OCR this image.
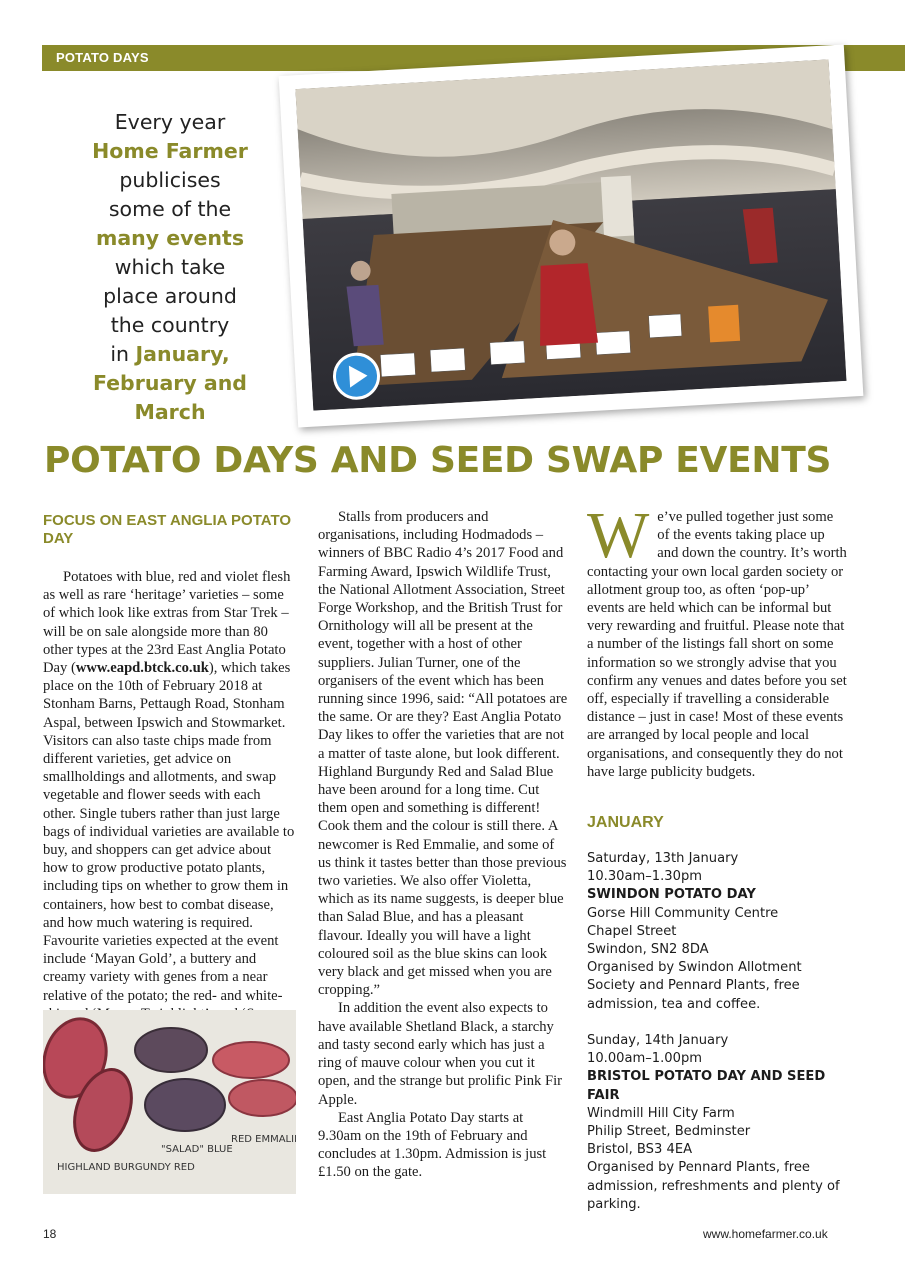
POTATO DAYS
Every year
Home Farmer
publicises
some of the
many events
which take
place around
the country
in January,
February and
March
POTATO DAYS AND SEED SWAP EVENTS
FOCUS ON EAST ANGLIA POTATO DAY

Potatoes with blue, red and violet flesh as well as rare ‘heritage’ varieties – some of which look like extras from Star Trek – will be on sale alongside more than 80 other types at the 23rd East Anglia Potato Day (www.eapd.btck.co.uk), which takes place on the 10th of February 2018 at Stonham Barns, Pettaugh Road, Stonham Aspal, between Ipswich and Stowmarket. Visitors can also taste chips made from different varieties, get advice on smallholdings and allotments, and swap vegetable and flower seeds with each other. Single tubers rather than just large bags of individual varieties are available to buy, and shoppers can get advice about how to grow productive potato plants, including tips on whether to grow them in containers, how best to combat disease, and how much watering is required. Favourite varieties expected at the event include ‘Mayan Gold’, a buttery and creamy variety with genes from a near relative of the potato; the red- and white-

HIGHLAND BURGUNDY RED
"SALAD" BLUE
RED EMMALIE

Stalls from producers and organisations, including Hodmadods – winners of BBC Radio 4’s 2017 Food and Farming Award, Ipswich Wildlife Trust, the National Allotment Association, Street Forge Workshop, and the British Trust for Ornithology will all be present at the event, together with a host of other suppliers. Julian Turner, one of the organisers of the event which has been running since 1996, said: “All potatoes are the same. Or are they? East Anglia Potato Day likes to offer the varieties that are not a matter of taste alone, but look different. Highland Burgundy Red and Salad Blue have been around for a long time. Cut them open and something is different! Cook them and the colour is still there. A newcomer is Red Emmalie, and some of us think it tastes better than those previous two varieties. We also offer Violetta, which as its name suggests, is deeper blue than Salad Blue, and has a pleasant flavour. Ideally you will have a light coloured soil as the blue skins can look very black and get missed when you are cropping.”

In addition the event also expects to have available Shetland Black, a starchy and tasty second early which has just a ring of mauve colour when you cut it open, and the strange but prolific Pink Fir Apple.

East Anglia Potato Day starts at 9.30am on the 19th of February and concludes at 1.30pm. Admission is just £1.50 on the gate.

We’ve pulled together just some of the events taking place up and down the country. It’s worth contacting your own local garden society or allotment group too, as often ‘pop-up’ events are held which can be informal but very rewarding and fruitful. Please note that a number of the listings fall short on some information so we strongly advise that you confirm any venues and dates before you set off, especially if travelling a considerable distance – just in case! Most of these events are arranged by local people and local organisations, and consequently they do not have large publicity budgets.
JANUARY
Saturday, 13th January
10.30am–1.30pm
SWINDON POTATO DAY
Gorse Hill Community Centre
Chapel Street
Swindon, SN2 8DA
Organised by Swindon Allotment Society and Pennard Plants, free admission, tea and coffee.
Sunday, 14th January
10.00am–1.00pm
BRISTOL POTATO DAY AND SEED FAIR
Windmill Hill City Farm
Philip Street, Bedminster
Bristol, BS3 4EA
Organised by Pennard Plants, free admission, refreshments and plenty of parking.
18	www.homefarmer.co.uk
